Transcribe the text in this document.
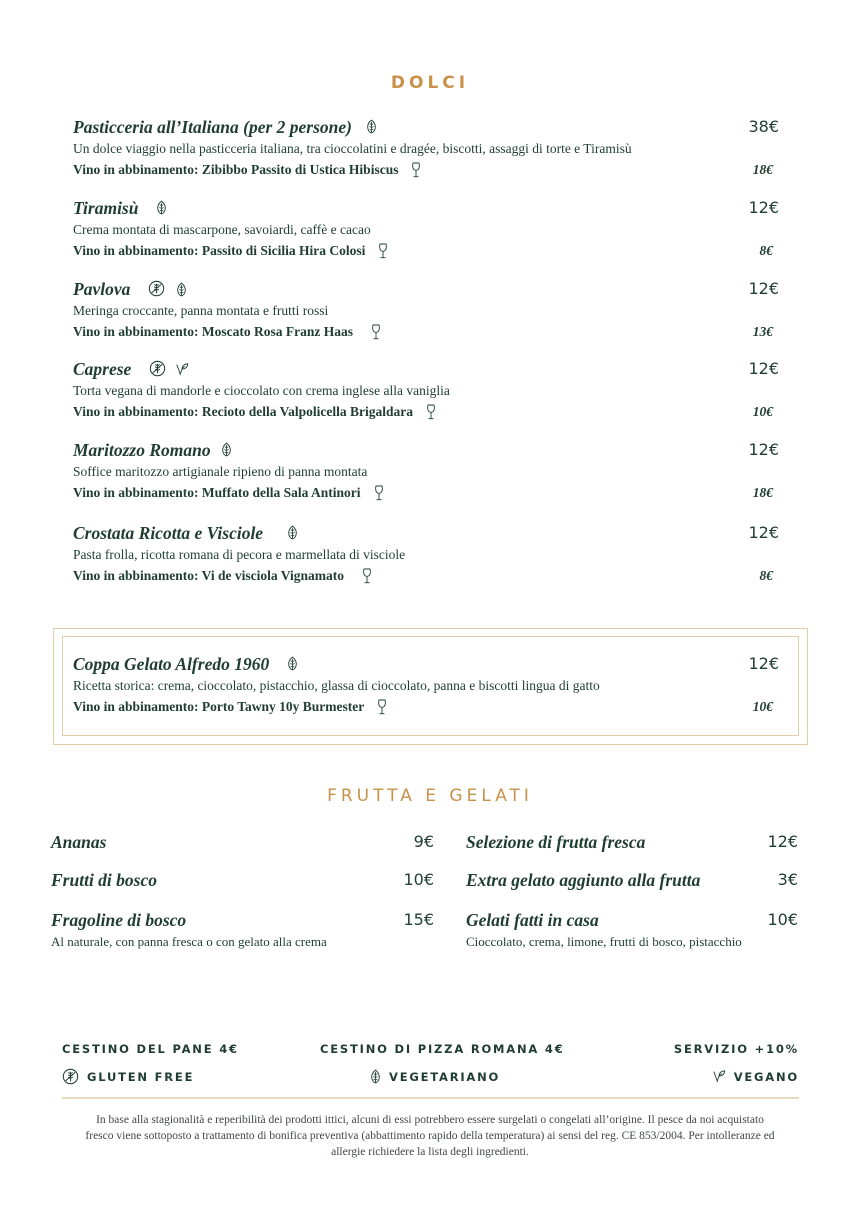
DOLCI
Pasticceria all’Italiana (per 2 persone)	38€
Un dolce viaggio nella pasticceria italiana, tra cioccolatini e dragée, biscotti, assaggi di torte e Tiramisù
Vino in abbinamento: Zibibbo Passito di Ustica Hibiscus	18€
Tiramisù	12€
Crema montata di mascarpone, savoiardi, caffè e cacao
Vino in abbinamento: Passito di Sicilia Hira Colosi	8€
Pavlova	12€
Meringa croccante, panna montata e frutti rossi
Vino in abbinamento: Moscato Rosa Franz Haas	13€
Caprese	12€
Torta vegana di mandorle e cioccolato con crema inglese alla vaniglia
Vino in abbinamento: Recioto della Valpolicella Brigaldara	10€
Maritozzo Romano	12€
Soffice maritozzo artigianale ripieno di panna montata
Vino in abbinamento: Muffato della Sala Antinori	18€
Crostata Ricotta e Visciole	12€
Pasta frolla, ricotta romana di pecora e marmellata di visciole
Vino in abbinamento: Vi de visciola Vignamato	8€
Coppa Gelato Alfredo 1960	12€
Ricetta storica: crema, cioccolato, pistacchio, glassa di cioccolato, panna e biscotti lingua di gatto
Vino in abbinamento: Porto Tawny 10y Burmester	10€
FRUTTA E GELATI
Ananas	9€
Frutti di bosco	10€
Fragoline di bosco	15€
Al naturale, con panna fresca o con gelato alla crema
Selezione di frutta fresca	12€
Extra gelato aggiunto alla frutta	3€
Gelati fatti in casa	10€
Cioccolato, crema, limone, frutti di bosco, pistacchio
CESTINO DEL PANE 4€	CESTINO DI PIZZA ROMANA 4€	SERVIZIO +10%
GLUTEN FREE	VEGETARIANO	VEGANO
In base alla stagionalità e reperibilità dei prodotti ittici, alcuni di essi potrebbero essere surgelati o congelati all’origine. Il pesce da noi acquistato fresco viene sottoposto a trattamento di bonifica preventiva (abbattimento rapido della temperatura) ai sensi del reg. CE 853/2004. Per intolleranze ed allergie richiedere la lista degli ingredienti.
